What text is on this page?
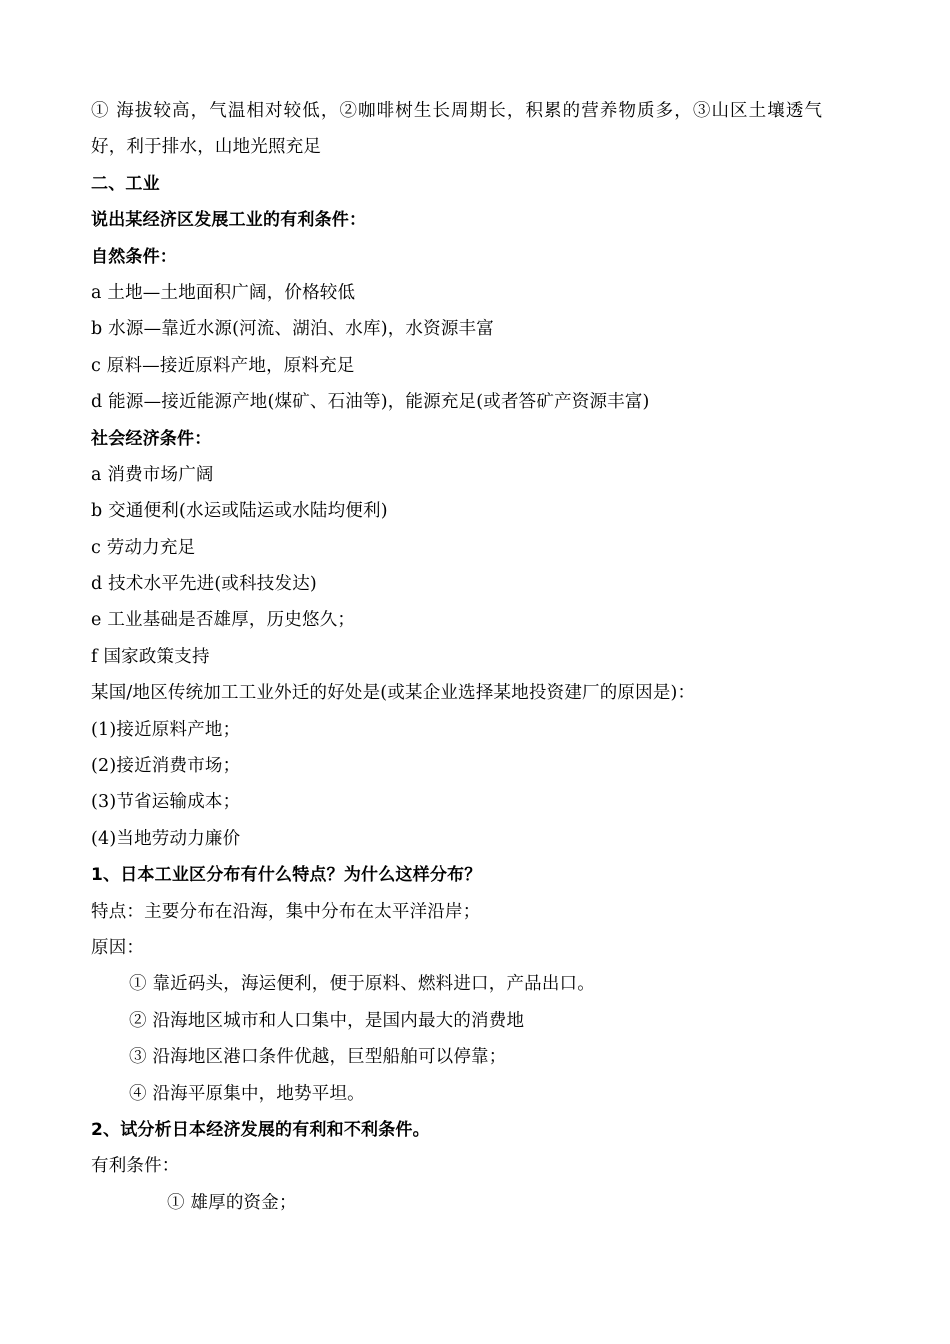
① 海拔较高，气温相对较低，②咖啡树生长周期长，积累的营养物质多，③山区土壤透气
好，利于排水，山地光照充足
二、工业
说出某经济区发展工业的有利条件：
自然条件：
a 土地—土地面积广阔，价格较低
b 水源—靠近水源(河流、湖泊、水库)，水资源丰富
c 原料—接近原料产地，原料充足
d 能源—接近能源产地(煤矿、石油等)，能源充足(或者答矿产资源丰富)
社会经济条件：
a 消费市场广阔
b 交通便利(水运或陆运或水陆均便利)
c 劳动力充足
d 技术水平先进(或科技发达)
e 工业基础是否雄厚，历史悠久；
f 国家政策支持
某国/地区传统加工工业外迁的好处是(或某企业选择某地投资建厂的原因是)：
(1)接近原料产地；
(2)接近消费市场；
(3)节省运输成本；
(4)当地劳动力廉价
1、日本工业区分布有什么特点？为什么这样分布？
特点：主要分布在沿海，集中分布在太平洋沿岸；
原因：
① 靠近码头，海运便利，便于原料、燃料进口，产品出口。
② 沿海地区城市和人口集中，是国内最大的消费地
③ 沿海地区港口条件优越，巨型船舶可以停靠；
④ 沿海平原集中，地势平坦。
2、试分析日本经济发展的有利和不利条件。
有利条件：
① 雄厚的资金；
